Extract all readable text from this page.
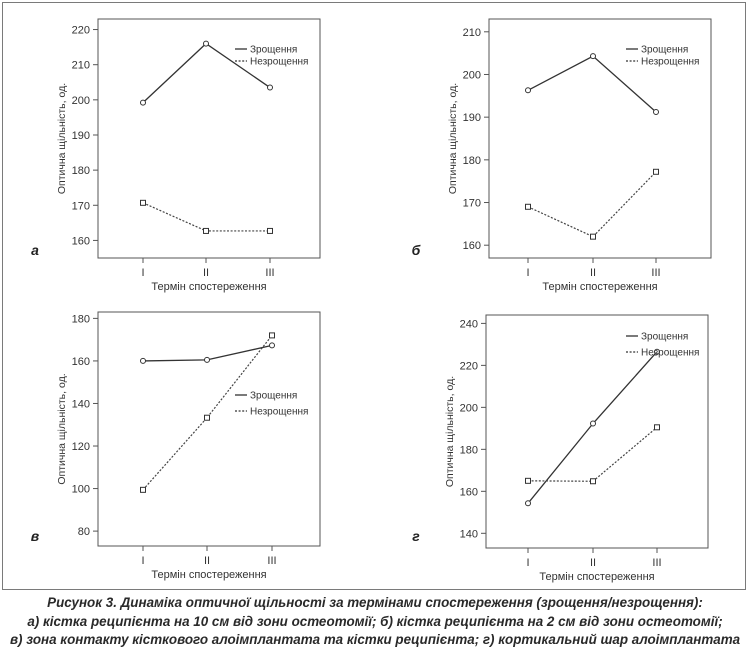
160
170
180
190
200
210
220
I	II	III
Термін спостереження
Оптична щільність, од.
а
Зрощення
Незрощення
160
170
180
190
200
210
I	II	III
Термін спостереження
Оптична щільність, од.
б
Зрощення
Незрощення
80
100
120
140
160
180
I	II	III
Термін спостереження
Оптична щільність, од.
в
Зрощення
Незрощення
140
160
180
200
220
240
I	II	III
Термін спостереження
Оптична щільність, од.
г
Зрощення
Незрощення
Рисунок 3. Динаміка оптичної щільності за термінами спостереження (зрощення/незрощення):
а) кістка реципієнта на 10 см від зони остеотомії; б) кістка реципієнта на 2 см від зони остеотомії;
в) зона контакту кісткового алоімплантата та кістки реципієнта; г) кортикальний шар алоімплантата
